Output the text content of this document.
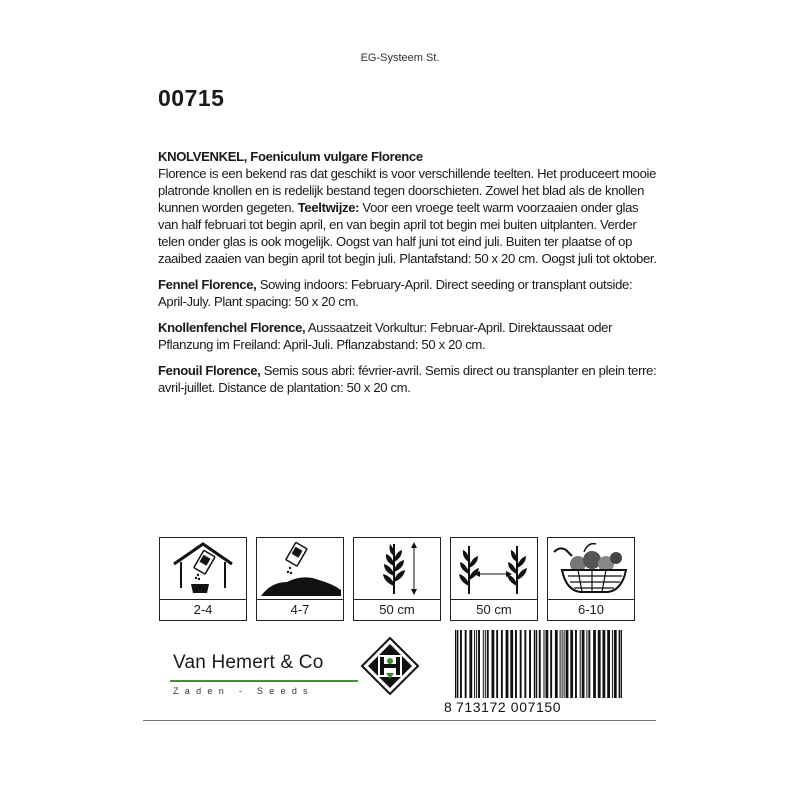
EG-Systeem St.
00715

KNOLVENKEL, Foeniculum vulgare Florence
Florence is een bekend ras dat geschikt is voor verschillende teelten. Het produceert mooie platronde knollen en is redelijk bestand tegen doorschieten. Zowel het blad als de knollen kunnen worden gegeten. Teeltwijze: Voor een vroege teelt warm voorzaaien onder glas van half februari tot begin april, en van begin april tot begin mei buiten uitplanten. Verder telen onder glas is ook mogelijk. Oogst van half juni tot eind juli. Buiten ter plaatse of op zaaibed zaaien van begin april tot begin juli. Plantafstand: 50 x 20 cm. Oogst juli tot oktober.

Fennel Florence, Sowing indoors: February-April. Direct seeding or transplant outside: April-July. Plant spacing: 50 x 20 cm.

Knollenfenchel Florence, Aussaatzeit Vorkultur: Februar-April. Direktaussaat oder Pflanzung im Freiland: April-Juli. Pflanzabstand: 50 x 20 cm.

Fenouil Florence, Semis sous abri: février-avril. Semis direct ou transplanter en plein terre: avril-juillet. Distance de plantation: 50 x 20 cm.

2-4	4-7	50 cm	50 cm	6-10
Van Hemert & Co
Zaden - Seeds
8 713172 007150
